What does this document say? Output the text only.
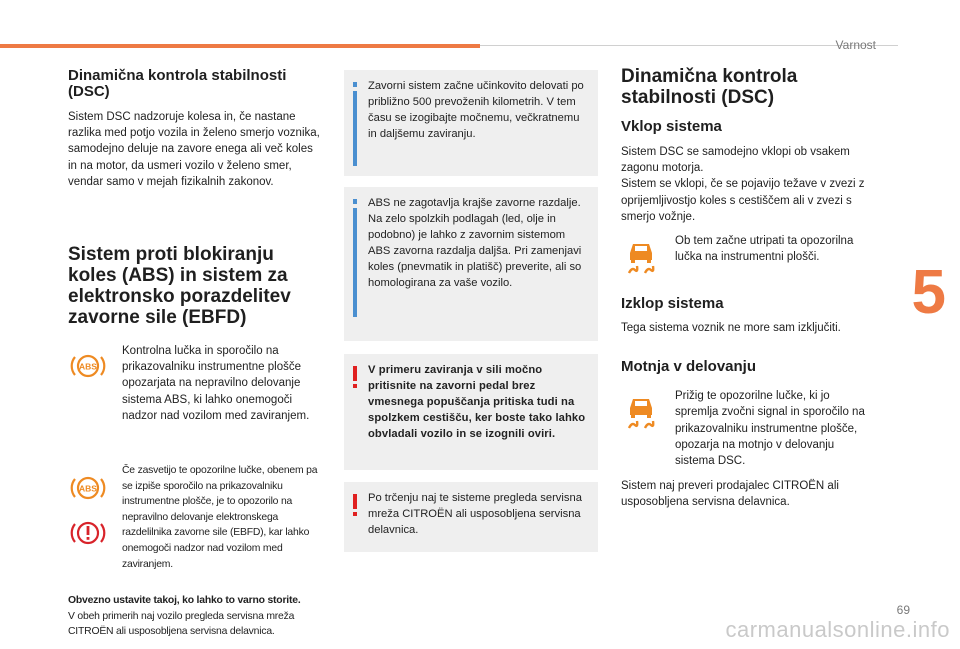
Varnost
5
69
carmanualsonline.info
Dinamična kontrola stabilnosti (DSC)

Sistem DSC nadzoruje kolesa in, če nastane razlika med potjo vozila in želeno smerjo voznika, samodejno deluje na zavore enega ali več koles in na motor, da usmeri vozilo v želeno smer, vendar samo v mejah fizikalnih zakonov.

Sistem proti blokiranju koles (ABS) in sistem za elektronsko porazdelitev zavorne sile (EBFD)
ABS

Kontrolna lučka in sporočilo na prikazovalniku instrumentne plošče opozarjata na nepravilno delovanje sistema ABS, ki lahko onemogoči nadzor nad vozilom med zaviranjem.

ABS

Če zasvetijo te opozorilne lučke, obenem pa se izpiše sporočilo na prikazovalniku instrumentne plošče, je to opozorilo na nepravilno delovanje elektronskega razdelilnika zavorne sile (EBFD), kar lahko onemogoči nadzor nad vozilom med zaviranjem.

Obvezno ustavite takoj, ko lahko to varno storite.

V obeh primerih naj vozilo pregleda servisna mreža CITROËN ali usposobljena servisna delavnica.

Zavorni sistem začne učinkovito delovati po približno 500 prevoženih kilometrih. V tem času se izogibajte močnemu, večkratnemu in daljšemu zaviranju.
ABS ne zagotavlja krajše zavorne razdalje. Na zelo spolzkih podlagah (led, olje in podobno) je lahko z zavornim sistemom ABS zavorna razdalja daljša. Pri zamenjavi koles (pnevmatik in platišč) preverite, ali so homologirana za vaše vozilo.
V primeru zaviranja v sili močno pritisnite na zavorni pedal brez vmesnega popuščanja pritiska tudi na spolzkem cestišču, ker boste tako lahko obvladali vozilo in se izognili oviri.
Po trčenju naj te sisteme pregleda servisna mreža CITROËN ali usposobljena servisna delavnica.
Dinamična kontrola stabilnosti (DSC)
Vklop sistema

Sistem DSC se samodejno vklopi ob vsakem zagonu motorja.
Sistem se vklopi, če se pojavijo težave v zvezi z oprijemljivostjo koles s cestiščem ali v zvezi s smerjo vožnje.

Ob tem začne utripati ta opozorilna lučka na instrumentni plošči.

Izklop sistema

Tega sistema voznik ne more sam izključiti.

Motnja v delovanju

Prižig te opozorilne lučke, ki jo spremlja zvočni signal in sporočilo na prikazovalniku instrumentne plošče, opozarja na motnjo v delovanju sistema DSC.

Sistem naj preveri prodajalec CITROËN ali usposobljena servisna delavnica.
